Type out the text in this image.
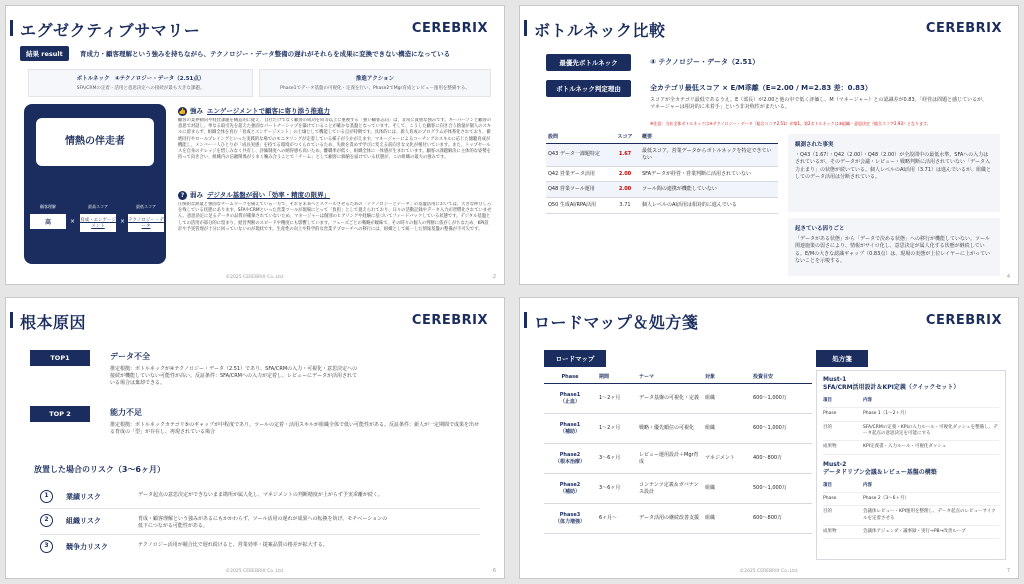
エグゼクティブサマリー	CEREBRIX
結果 result	育成力・顧客理解という強みを持ちながら、テクノロジー・データ整備の遅れがそれらを成果に変換できない構造になっている
ボトルネック　④テクノロジー・データ（2.51点）
SFA/CRMの定着・活用と意思決定への接続が最も大きな課題。
推進アクション
Phase1でデータ基盤の可視化・定義を行い、Phase2でMgr育成とレビュー運用を整備する。
情熱の伴走者
顧客理解
高	×
最高スコア
育成・エンゲージメント
×
最低スコア
テクノロジー・データ
👍 強み エンゲージメントで顧客に寄り添う推進力
顧客の業界動向や経営課題を構造的に捉え、自社だけでなく顧客の成功を同等以上に重視する「強い顧客志向」は、非常に貴重な強みです。キーパーソンと顧客の意思で対話し、単なる取引先を超えた強固なパートナーシップを築けていることが確かな基盤となっています。そして、こうした顧客に向き合う熱量が個人のスキルに留まらず、組織全体を育む「育成とエンゲージメント」の土壌として機能している点が特徴です。具体的には、新人育成のプログラムが体系化されており、徹底同行やロールプレイングといった実践的な場でのモニタリングが定着している様子がうかがえます。マネージャーによるコーチングのスキルに応じた傾聴育成が機能し、メンバー一人ひとりが「成長実感」を持てる環境がつくられているため、失敗を責めず学びに変える前向きな文化が根付いています。また、トップセールスを自身のナレッジを惜しみなく共有し、評価制度への納得感も高いため、離職率が低く、組織全体に一体感が生まれています。顧客の課題解決に主体的な姿勢を持って向き合い、組織内の信頼関係がうまく噛み合うことで「チーム」として顧客に価値を届けている状態が、この組織の最大の強みです。
? 弱み デジタル基盤が弱い「効率・精度の限界」
圧倒的な熱量と強固なチームワークを備えている一方で、それを未来へとスケールさせるための「テクノロジーとデータ」の基盤活用においては、大きな伸びしろを残している状態にあります。SFAやCRMといった営業ツールが現場にとって「負担」として捉えられており、日々の活動記録やデータ入力が習慣化されていません。意思決定に足るデータの品質が確保されていないため、マネージャーは個別のヒアリングや経験に基づいてフィードバックしている状態です。デジタル基盤としての活用が部分的に留まり、経営判断のスピードや精度にも影響しています。フェーズごとの戦略が曖昧で、その時々の個人の判断に依存しがちなため、KPI設計や予実管理が十分に回っていないのが現状です。生産性の向上や科学的な営業アプローチへの移行には、組織として統一した情報基盤の整備が不可欠です。
©2025 CEREBRIX Co.,Ltd.	2
ボトルネック比較	CEREBRIX
最優先ボトルネック	④ テクノロジー・データ（2.51）
ボトルネック判定理由	全カテゴリ最低スコア × E/M乖離（E=2.00 / M=2.83 差：0.83）
スコアが全カテゴリ最低であるうえ、E（部長）が2.00と他の中で低く評価し、M（マネージャー）との認識差が0.83。「経営は問題と感じているが、マネージャーは相対的に未着手」という非対称性がまたいる。
※注意：当社全体ボトルネックは④テクノロジー・データ（総合スコア2.51）が第1。第2ボトルネックは③組織・意思決定（総合スコア2.93）となります。
設問	スコア	概要
Q43 データ一課題特定	1.67	最低スコア。営業データからボトルネックを特定できていない
Q42 営業データ活用	2.00	SFAデータが経営・営業判断に活用されていない
Q48 営業ツール運用	2.00	ツール間の連携が機能していない
Q50 生成AI/RPA活用	3.71	個人レベルのAI活用は相対的に進んでいる
観測された事実
・Q43（1.67）・Q42（2.00）・Q48（2.00）が全設問中の最低水準。SFAへの入力はされているが、そのデータが会議・レビュー・戦略判断に活用されていない「データ入力止まり」の状態が続いている。個人レベルのAI活用（3.71）は進んでいるが、組織としてのデータ活用は分断されている。
起きている因りごと
「データがある状態」から「データで決める状態」への移行が機能していない。ツール関連施策の弱さにより、情報がサイロ化し、意思決定が属人化する状態が継続している。E/Mの大きな認識ギャップ（0.83点）は、現場の実態が上位レイヤーに上がっていないことを示唆する。
4
根本原因	CEREBRIX
TOP1	データ不全
推定根拠：ボトルネックが④テクノロジー・データ（2.51）であり、SFA/CRMの入力・可視化・意思決定への接続が機能していない可能性が高い。反証条件：SFA/CRMへの入力が定着し、レビューにデータが活用されている場合は棄却できる。
TOP 2	能力不足
推定根拠：ボトルネックカテゴリ⑤のギャップが中程度であり、ツールの定着・活用スキルが組織全体で低い可能性がある。反証条件：新人が一定期間で成果を出せる育成の「型」が存在し、再現されている場合
放置した場合のリスク（3〜6ヶ月）
1	業績リスク	データ起点の意思決定ができないまま勘所が属人化し、マネジメントの判断精度が上がらず予実乖離が続く。
2	組織リスク	育成・顧客理解という強みがあるにもかかわらず、ツール活用の遅れが成果への転換を妨げ、モチベーションの低下につながる可能性がある。
3	競争力リスク	テクノロジー活用が競合比で遅れ続けると、営業効率・提案品質の格差が拡大する。
©2025 CEREBRIX Co.,Ltd.	6
ロードマップ＆処方箋	CEREBRIX
ロードマップ
Phase	期間	テーマ	対象	投資目安
Phase1
（止血）	1〜2ヶ月	データ基盤の可視化・定義	組織	600〜1,000万
Phase1
（補助）	1〜2ヶ月	戦略・優先順位の可視化	組織	600〜1,000万
Phase2
（根本治療）	3〜6ヶ月	レビュー運用設計＋Mgr育成	マネジメント	400〜800万
Phase2
（補助）	3〜6ヶ月	コンテンツ定義＆ガバナンス設計	組織	500〜1,000万
Phase3
（体力増強）	6ヶ月〜	データ活用の継続改善支援	組織	600〜800万
処方箋
Must-1
SFA/CRM活用設計＆KPI定義（クイックセット）
項目	内容
Phase	Phase 1（1〜2ヶ月）
目的	SFA/CRMの定義・KPIの入力ルール・可視化ダッシュを整備し、データ起点の意思決定を可能にする
成果物	KPI定義書・入力ルール・可視化ダッシュ
Must-2
データドリブン会議＆レビュー基盤の構築
項目	内容
Phase	Phase 2（3〜6ヶ月）
目的	会議体レビュー・KPI運用を整理し、データ起点のレビューサイクルを定着させる
成果物	会議体アジェンダ・議事録・実行→PB→改善ループ
©2025 CEREBRIX Co.,Ltd.	7
